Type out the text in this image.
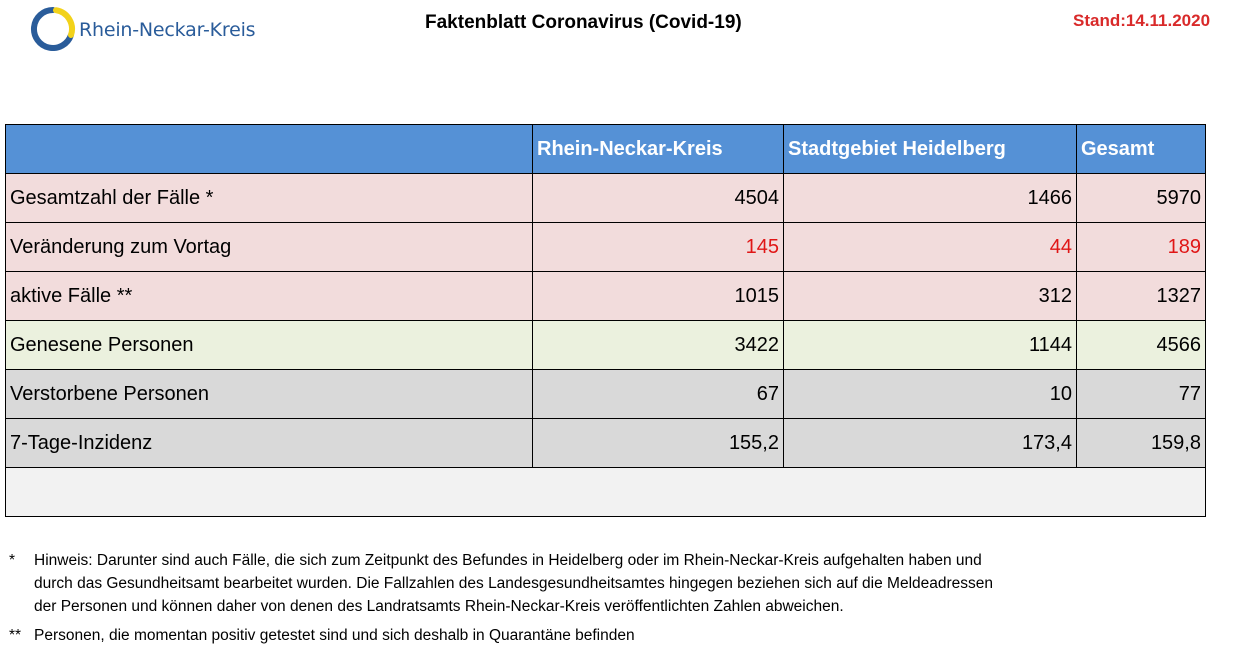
Rhein-Neckar-Kreis	Faktenblatt Coronavirus (Covid-19)	Stand:14.11.2020
	Rhein-Neckar-Kreis	Stadtgebiet Heidelberg	Gesamt
Gesamtzahl der Fälle *	4504	1466	5970
Veränderung zum Vortag	145	44	189
aktive Fälle **	1015	312	1327
Genesene Personen	3422	1144	4566
Verstorbene Personen	67	10	77
7-Tage-Inzidenz	155,2	173,4	159,8

*	Hinweis: Darunter sind auch Fälle, die sich zum Zeitpunkt des Befundes in Heidelberg oder im Rhein-Neckar-Kreis aufgehalten haben und
durch das Gesundheitsamt bearbeitet wurden. Die Fallzahlen des Landesgesundheitsamtes hingegen beziehen sich auf die Meldeadressen
der Personen und können daher von denen des Landratsamts Rhein-Neckar-Kreis veröffentlichten Zahlen abweichen.
** Personen, die momentan positiv getestet sind und sich deshalb in Quarantäne befinden
